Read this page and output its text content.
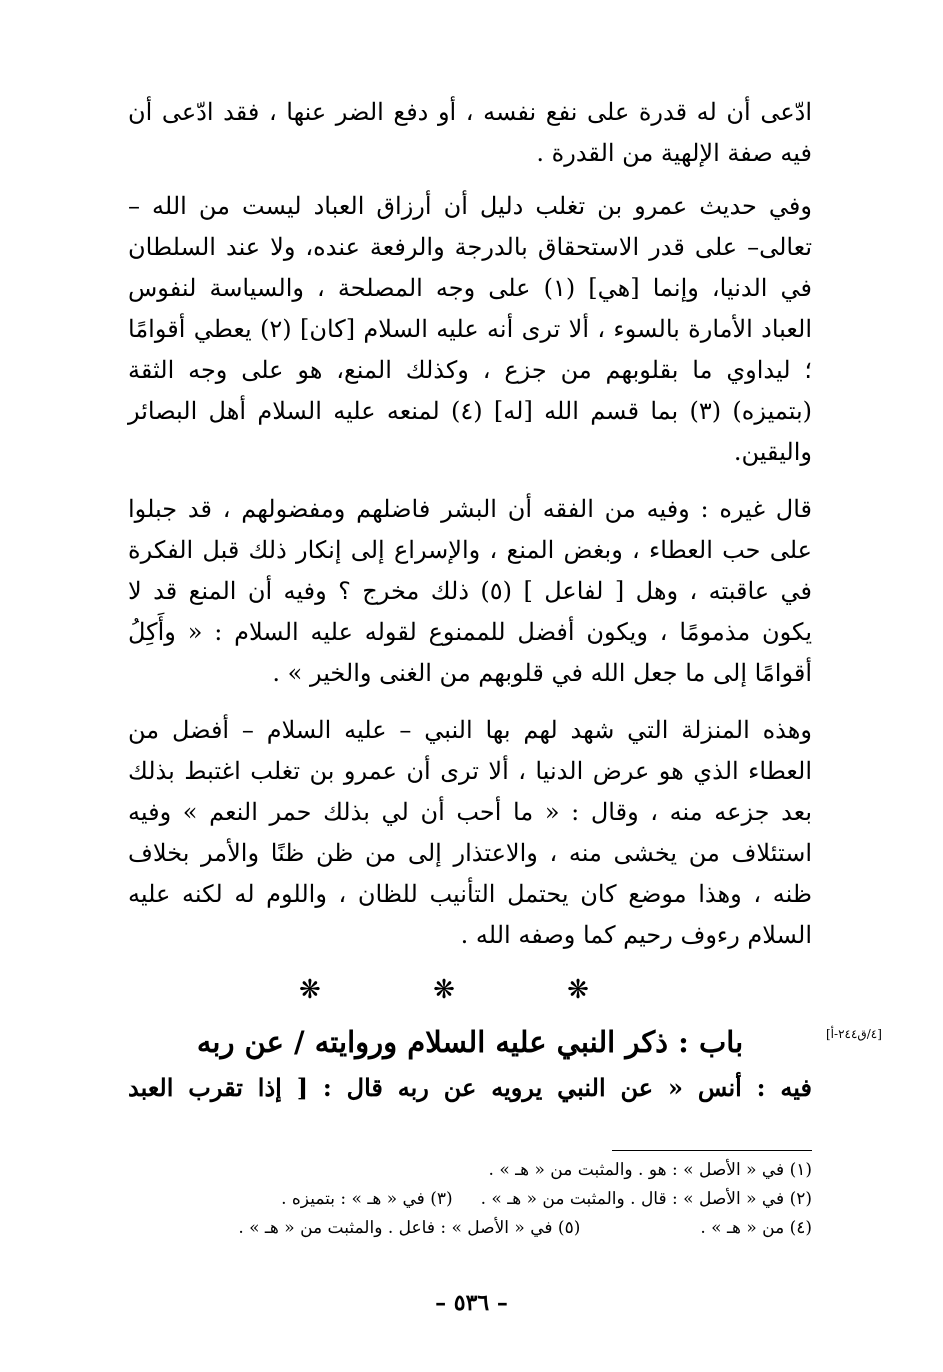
ادّعى أن له قدرة على نفع نفسه ، أو دفع الضر عنها ، فقد ادّعى أن فيه صفة الإلهية من القدرة .

وفي حديث عمرو بن تغلب دليل أن أرزاق العباد ليست من الله – تعالى– على قدر الاستحقاق بالدرجة والرفعة عنده، ولا عند السلطان في الدنيا، وإنما [هي] (١) على وجه المصلحة ، والسياسة لنفوس العباد الأمارة بالسوء ، ألا ترى أنه عليه السلام [كان] (٢) يعطي أقوامًا ؛ ليداوي ما بقلوبهم من جزع ، وكذلك المنع، هو على وجه الثقة (بتميزه) (٣) بما قسم الله [له] (٤) لمنعه عليه السلام أهل البصائر واليقين.

قال غيره : وفيه من الفقه أن البشر فاضلهم ومفضولهم ، قد جبلوا على حب العطاء ، وبغض المنع ، والإسراع إلى إنكار ذلك قبل الفكرة في عاقبته ، وهل [ لفاعل ] (٥) ذلك مخرج ؟ وفيه أن المنع قد لا يكون مذمومًا ، ويكون أفضل للممنوع لقوله عليه السلام : « وأَكِلُ أقوامًا إلى ما جعل الله في قلوبهم من الغنى والخير » .

وهذه المنزلة التي شهد لهم بها النبي – عليه السلام – أفضل من العطاء الذي هو عرض الدنيا ، ألا ترى أن عمرو بن تغلب اغتبط بذلك بعد جزعه منه ، وقال : « ما أحب أن لي بذلك حمر النعم » وفيه استئلاف من يخشى منه ، والاعتذار إلى من ظن ظنًا والأمر بخلاف ظنه ، وهذا موضع كان يحتمل التأنيب للظان ، واللوم له لكنه عليه السلام رءوف رحيم كما وصفه الله .

❋ ❋ ❋
باب : ذكر النبي عليه السلام وروايته / عن ربه

فيه : أنس « عن النبي يرويه عن ربه قال : [ إذا تقرب العبد

[٤/ق٢٤٤-أ]
(١) في « الأصل » : هو . والمثبت من « هـ » .
(٢) في « الأصل » : قال . والمثبت من « هـ » .
(٣) في « هـ » : بتميزه .
(٤) من « هـ » .
(٥) في « الأصل » : فاعل . والمثبت من « هـ » .
– ٥٣٦ –
